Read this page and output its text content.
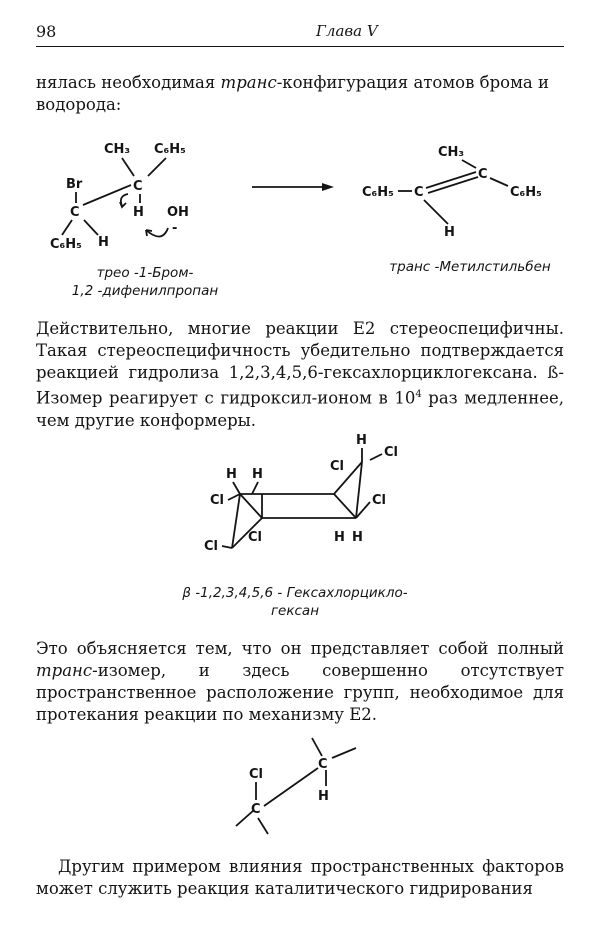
98	Глава V

нялась необходимая транс-конфигурация атомов брома и
водорода:

CH₃ C₆H₅
C
H
Br
C
C₆H₅ H
OH
-
CH₃
C
C₆H₅
C₆H₅ C
H
H H
Cl
Cl
Cl
H
Cl
Cl
Cl
H H
Cl
C
C
H
трео -1-Бром-
1,2 -дифенилпропан
транс -Метилстильбен

Действительно, многие реакции Е2 стереоспецифичны. Такая стереоспецифичность убедительно подтверждается реакцией гидролиза 1,2,3,4,5,6-гексахлорциклогексана. ß-Изомер реагирует с гидроксил-ионом в $10^4$ раз медленнее, чем другие конформеры.

β -1,2,3,4,5,6 - Гексахлорцикло-
гексан

Это объясняется тем, что он представляет собой полный транс-изомер, и здесь совершенно отсутствует пространственное расположение групп, необходимое для протекания реакции по механизму Е2.

Другим примером влияния пространственных факторов может служить реакция каталитического гидрирования
